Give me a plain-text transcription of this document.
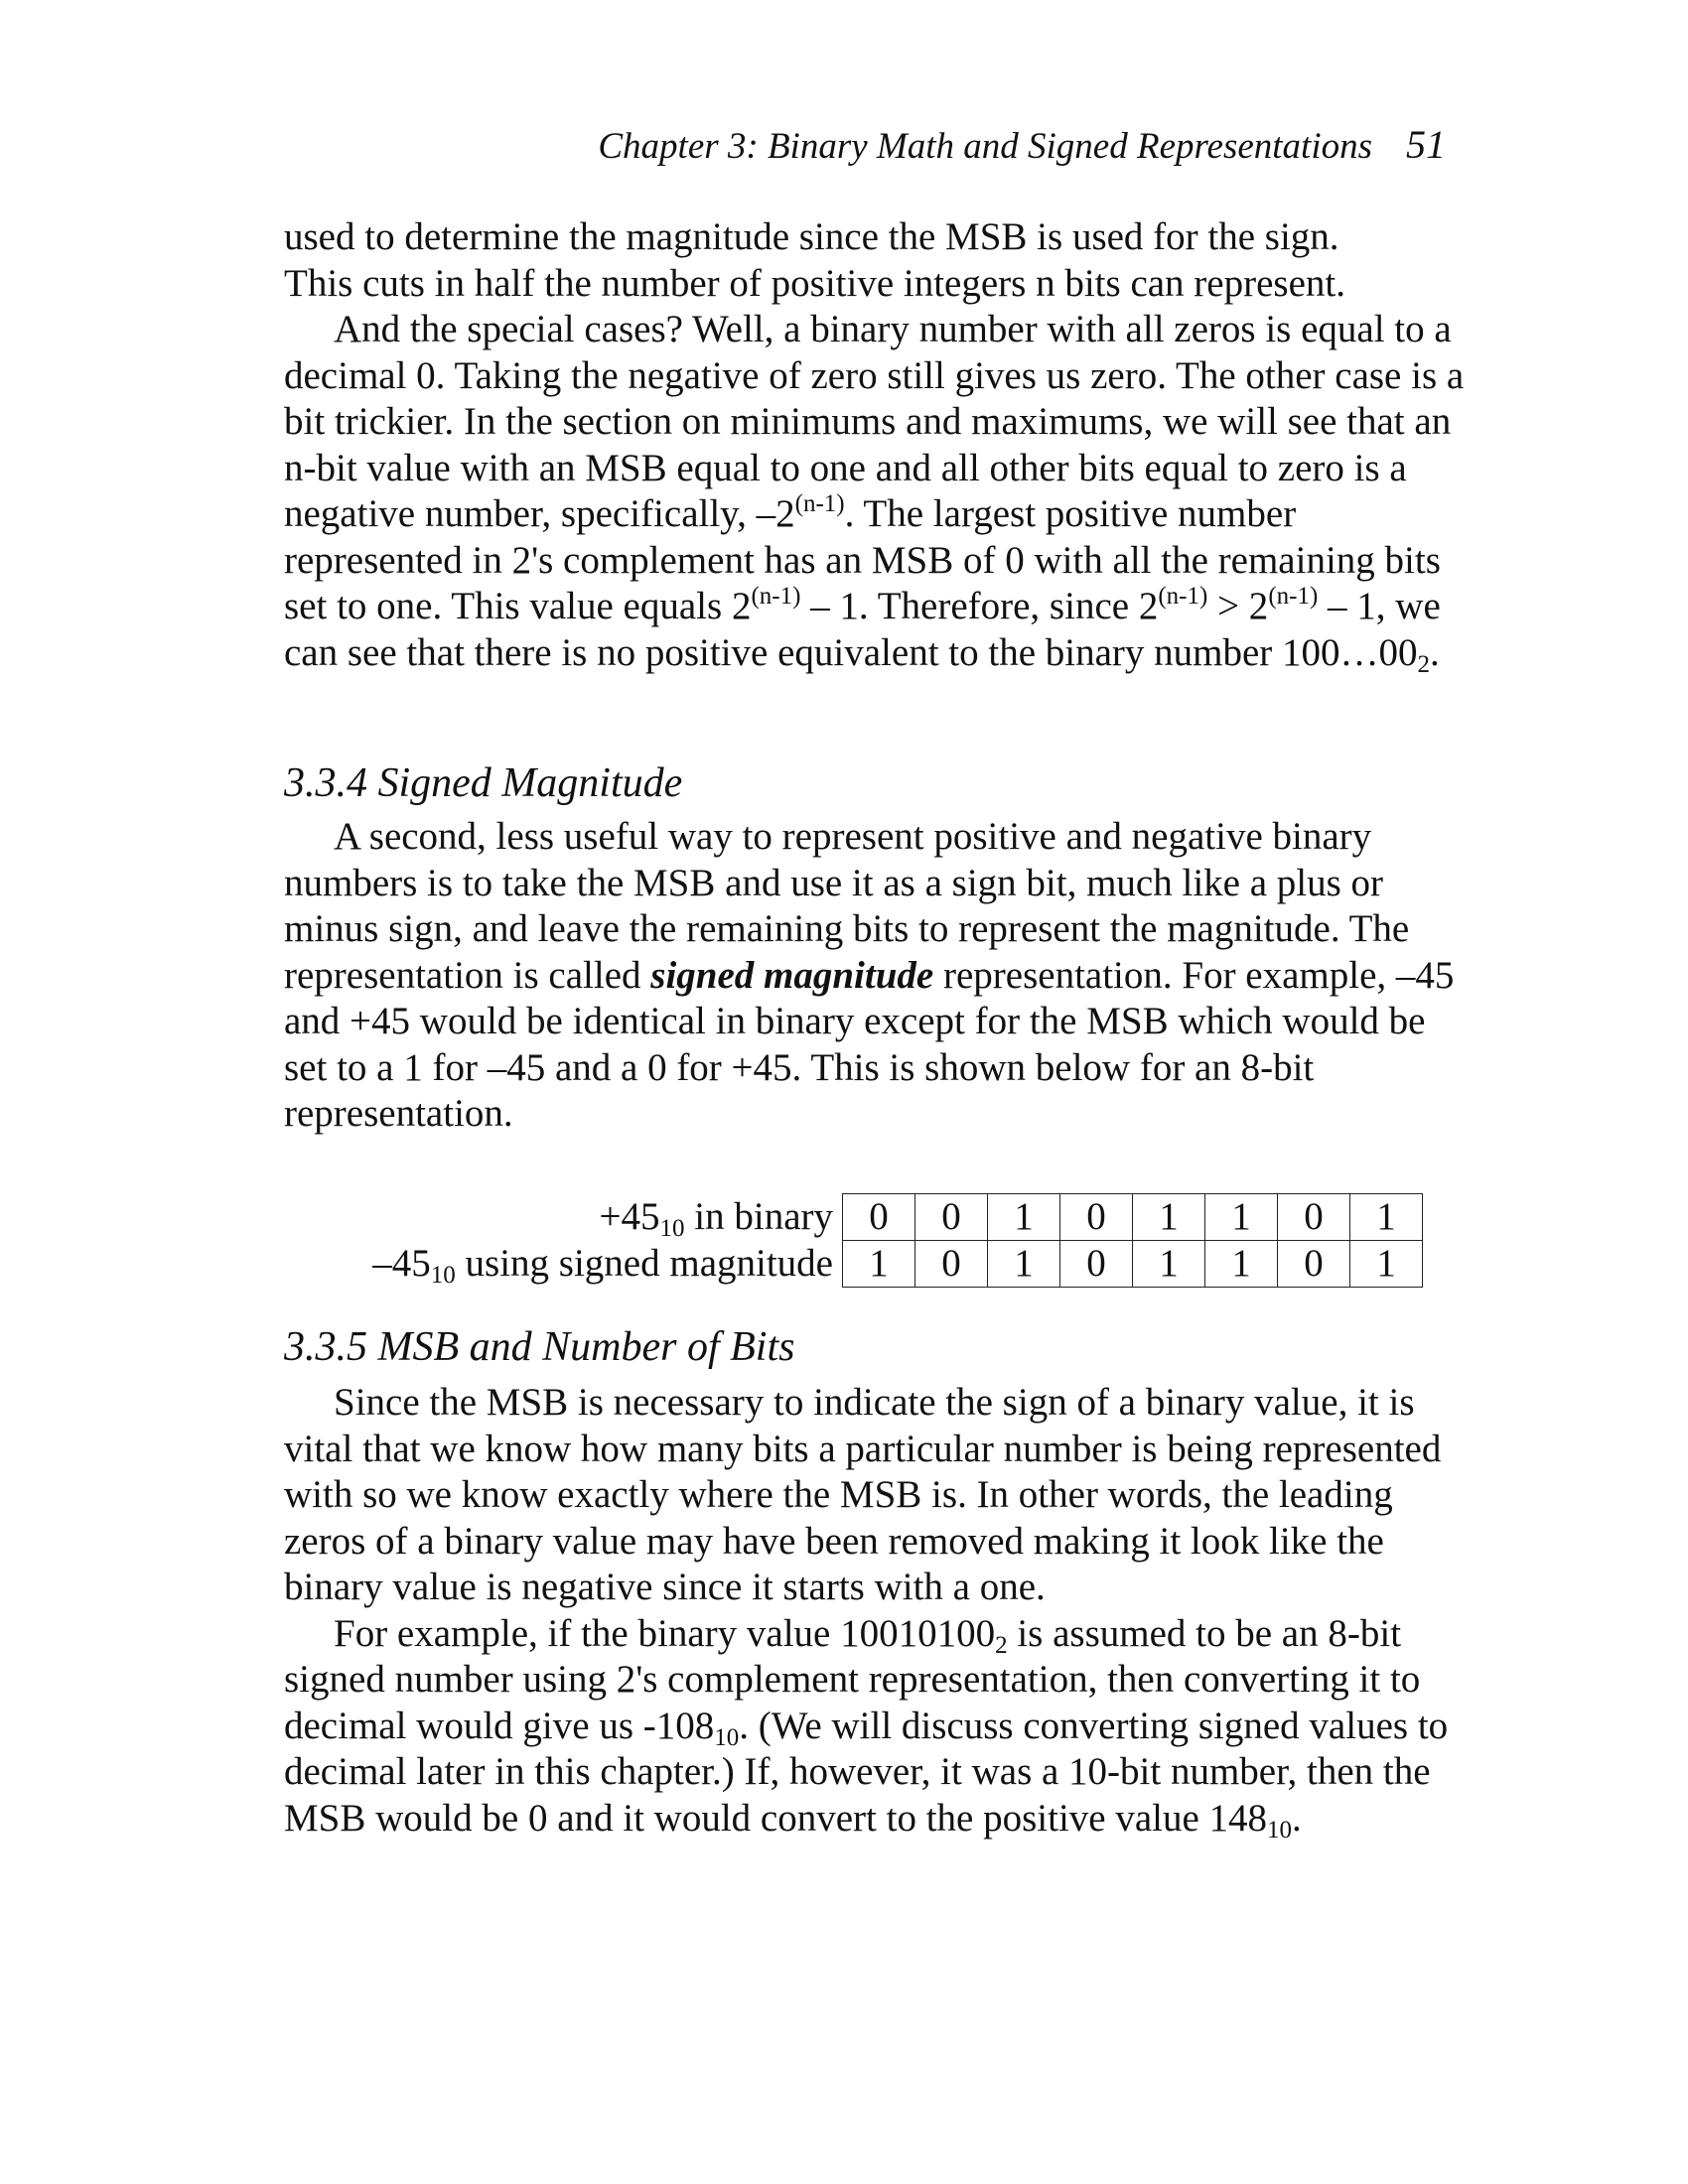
Chapter 3: Binary Math and Signed Representations 51

used to determine the magnitude since the MSB is used for the sign.
This cuts in half the number of positive integers n bits can represent.

And the special cases? Well, a binary number with all zeros is equal to a decimal 0. Taking the negative of zero still gives us zero. The other case is a bit trickier. In the section on minimums and maximums, we will see that an n-bit value with an MSB equal to one and all other bits equal to zero is a negative number, specifically, –2$^{(n-1)}$. The largest positive number represented in 2's complement has an MSB of 0 with all the remaining bits set to one. This value equals 2$^{(n-1)}$ – 1. Therefore, since $2^{(n-1)} > 2^{(n-1)} - 1$, we can see that there is no positive equivalent to the binary number $100\dots 00_2$.

3.3.4 Signed Magnitude

A second, less useful way to represent positive and negative binary numbers is to take the MSB and use it as a sign bit, much like a plus or minus sign, and leave the remaining bits to represent the magnitude. The representation is called signed magnitude representation. For example, –45 and +45 would be identical in binary except for the MSB which would be set to a 1 for –45 and a 0 for +45. This is shown below for an 8-bit representation.

$+45_{10}$ in binary	0	0	1	0	1	1	0	1
$-45_{10}$ using signed magnitude	1	0	1	0	1	1	0	1
3.3.5 MSB and Number of Bits

Since the MSB is necessary to indicate the sign of a binary value, it is vital that we know how many bits a particular number is being represented with so we know exactly where the MSB is. In other words, the leading zeros of a binary value may have been removed making it look like the binary value is negative since it starts with a one.

For example, if the binary value $10010100_2$ is assumed to be an 8-bit signed number using 2's complement representation, then converting it to decimal would give us $-108_{10}$. (We will discuss converting signed values to decimal later in this chapter.) If, however, it was a 10-bit number, then the MSB would be 0 and it would convert to the positive value $148_{10}$.
